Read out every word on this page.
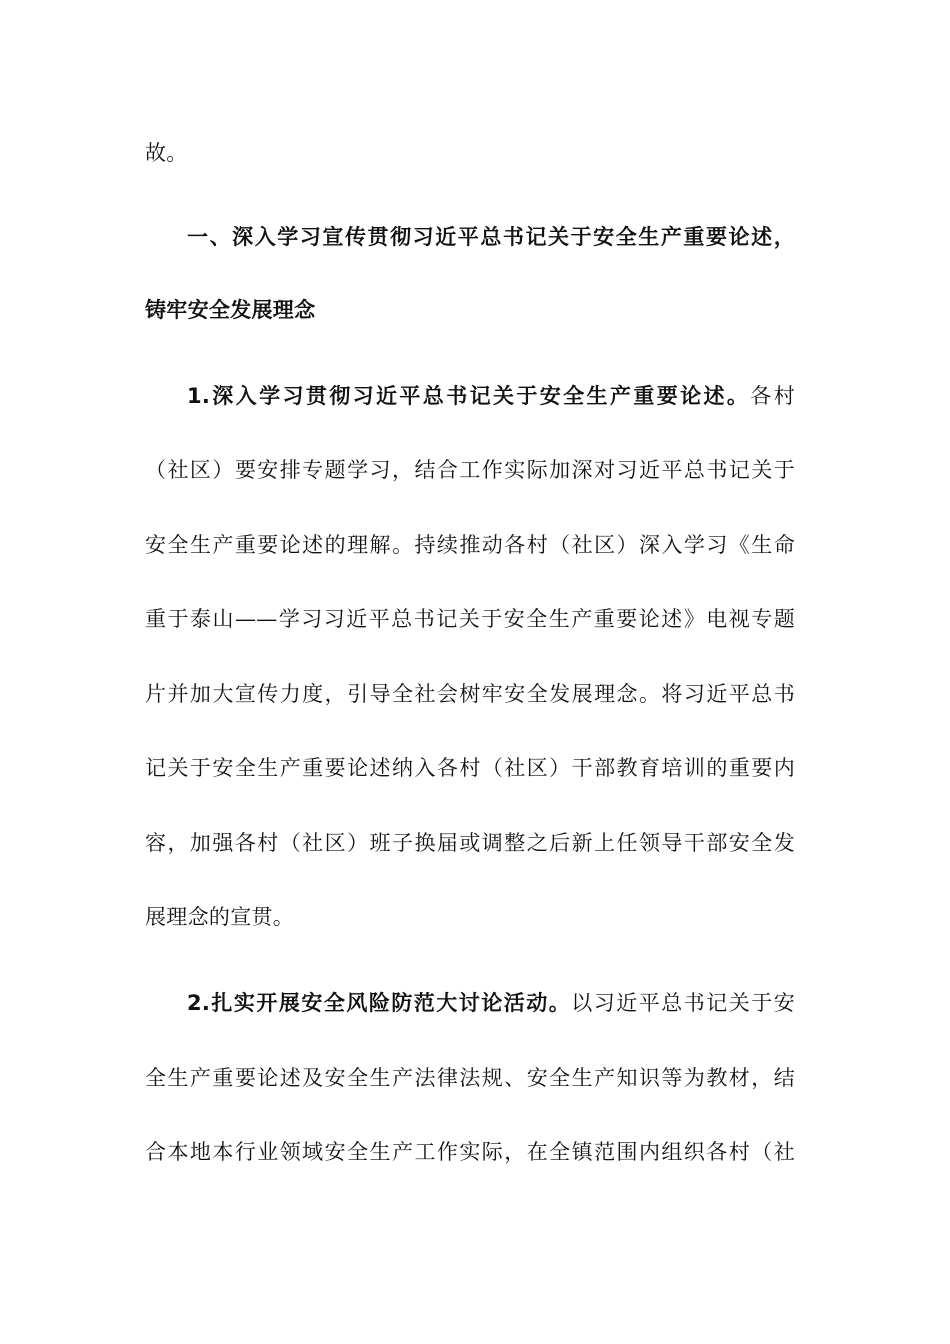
故。
一、深入学习宣传贯彻习近平总书记关于安全生产重要论述，
铸牢安全发展理念
1.深入学习贯彻习近平总书记关于安全生产重要论述。各村
（社区）要安排专题学习，结合工作实际加深对习近平总书记关于
安全生产重要论述的理解。持续推动各村（社区）深入学习《生命
重于泰山——学习习近平总书记关于安全生产重要论述》电视专题
片并加大宣传力度，引导全社会树牢安全发展理念。将习近平总书
记关于安全生产重要论述纳入各村（社区）干部教育培训的重要内
容，加强各村（社区）班子换届或调整之后新上任领导干部安全发
展理念的宣贯。
2.扎实开展安全风险防范大讨论活动。以习近平总书记关于安
全生产重要论述及安全生产法律法规、安全生产知识等为教材，结
合本地本行业领域安全生产工作实际，在全镇范围内组织各村（社
